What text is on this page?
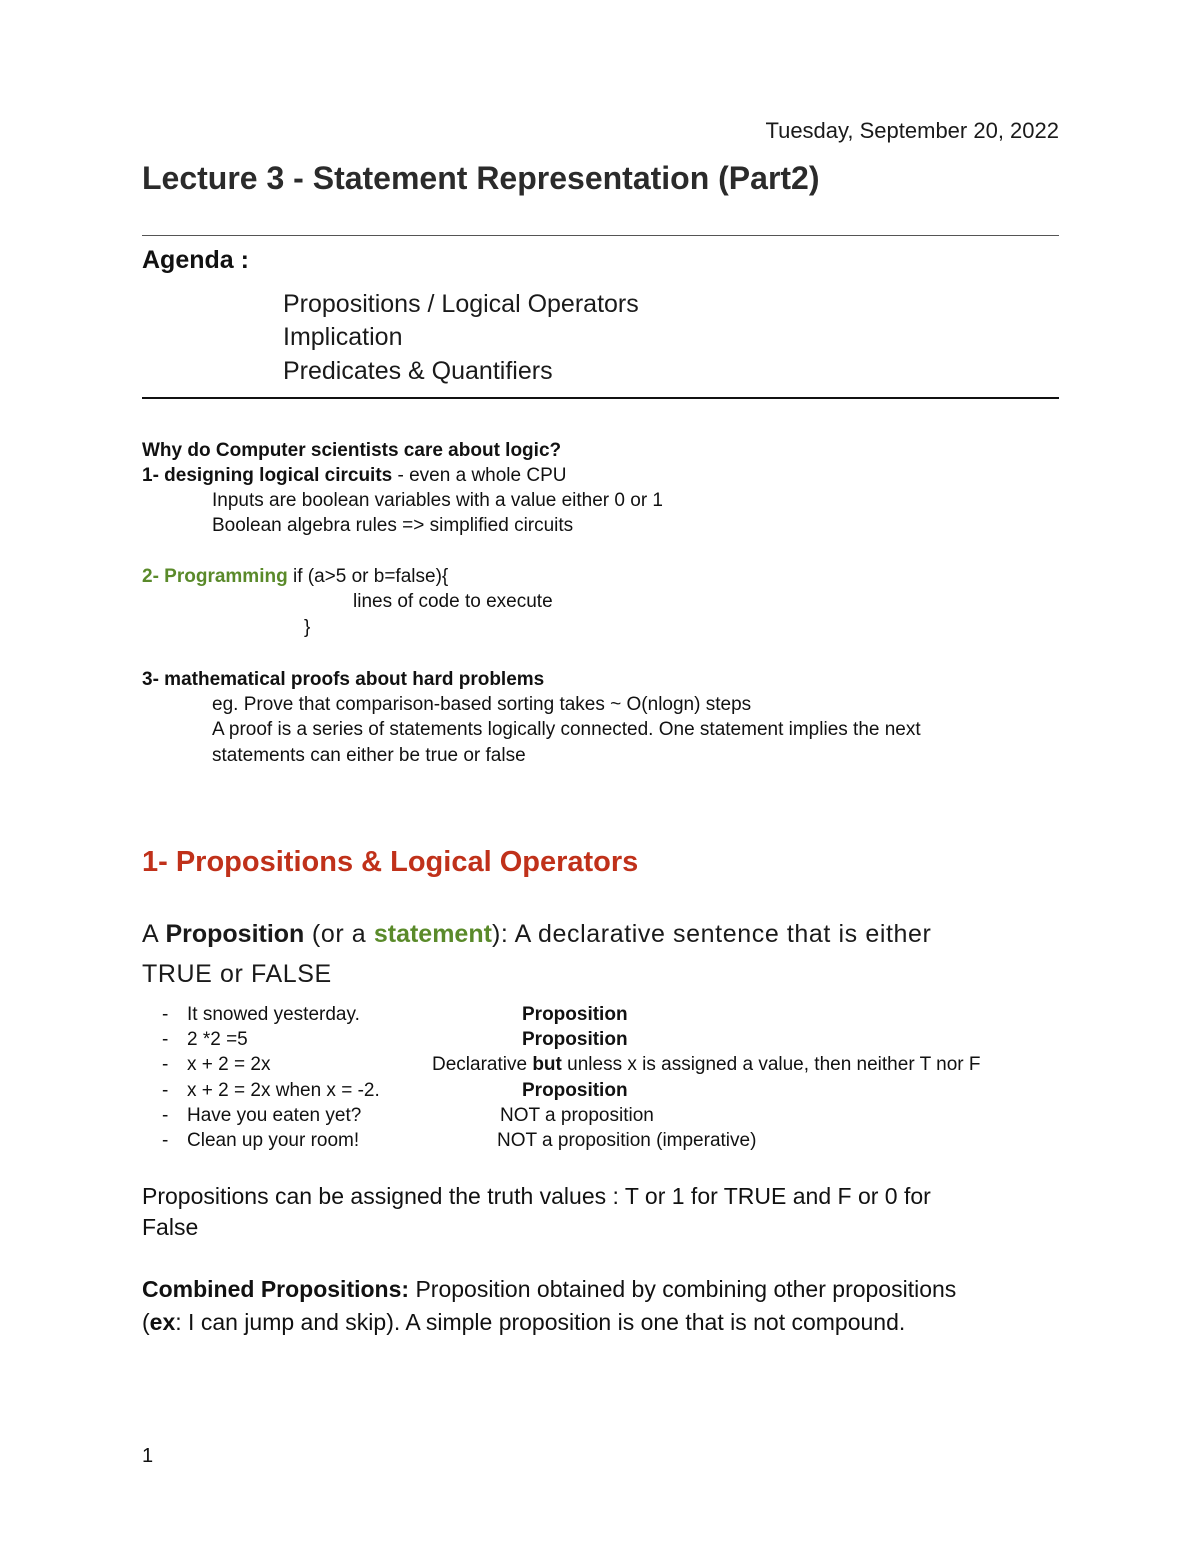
Tuesday, September 20, 2022
Lecture 3 - Statement Representation (Part2)
Agenda :
Propositions / Logical Operators
Implication
Predicates & Quantifiers
Why do Computer scientists care about logic?
1- designing logical circuits - even a whole CPU
Inputs are boolean variables with a value either 0 or 1
Boolean algebra rules => simplified circuits
2- Programming if (a>5 or b=false){
lines of code to execute
}
3- mathematical proofs about hard problems
eg. Prove that comparison-based sorting takes ~ O(nlogn) steps
A proof is a series of statements logically connected. One statement implies the next
statements can either be true or false
1- Propositions & Logical Operators
A Proposition (or a statement): A declarative sentence that is either
TRUE or FALSE
- It snowed yesterday.	Proposition
- 2 *2 =5	Proposition
- x + 2 = 2x	Declarative but unless x is assigned a value, then neither T nor F
- x + 2 = 2x when x = -2.	Proposition
- Have you eaten yet?	NOT a proposition
- Clean up your room!	NOT a proposition (imperative)
Propositions can be assigned the truth values : T or 1 for TRUE and F or 0 for
False
Combined Propositions: Proposition obtained by combining other propositions
(ex: I can jump and skip). A simple proposition is one that is not compound.
1
